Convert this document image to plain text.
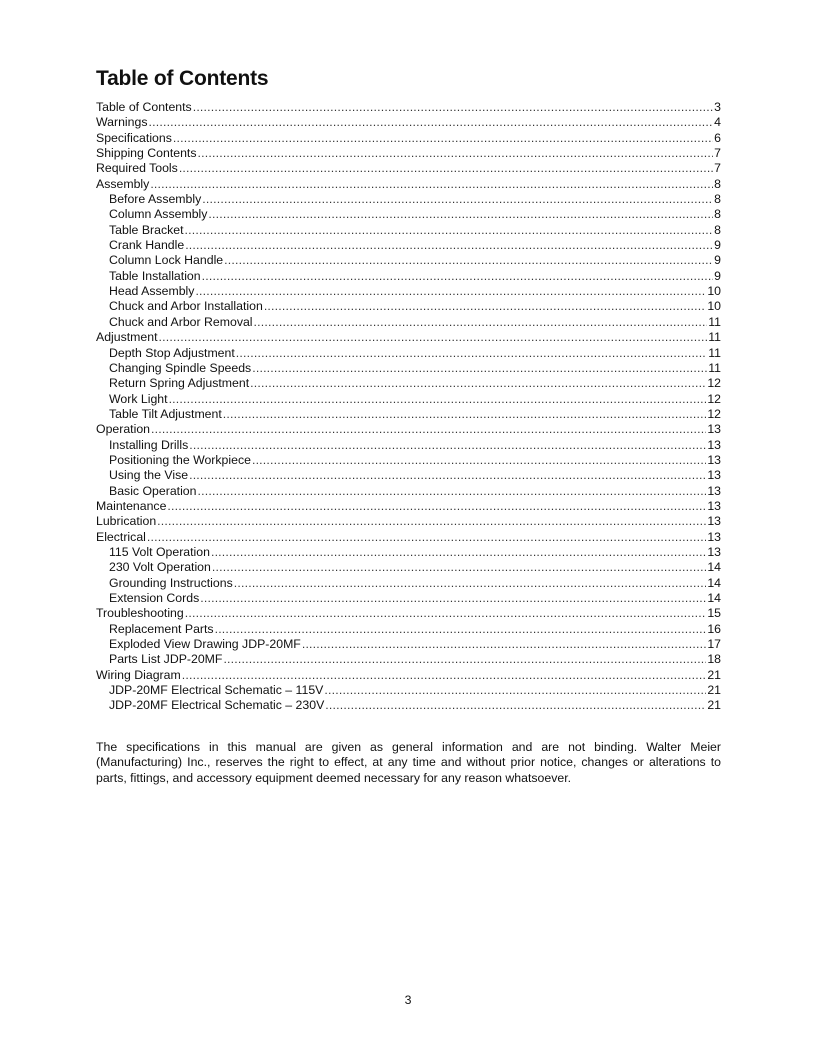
Table of Contents
Table of Contents .....	3
Warnings .....	4
Specifications .....	6
Shipping Contents .....	7
Required Tools .....	7
Assembly .....	8
Before Assembly .....	8
Column Assembly .....	8
Table Bracket .....	8
Crank Handle .....	9
Column Lock Handle .....	9
Table Installation .....	9
Head Assembly .....	10
Chuck and Arbor Installation .....	10
Chuck and Arbor Removal .....	11
Adjustment .....	11
Depth Stop Adjustment .....	11
Changing Spindle Speeds .....	11
Return Spring Adjustment .....	12
Work Light .....	12
Table Tilt Adjustment .....	12
Operation .....	13
Installing Drills .....	13
Positioning the Workpiece .....	13
Using the Vise .....	13
Basic Operation .....	13
Maintenance .....	13
Lubrication .....	13
Electrical .....	13
115 Volt Operation .....	13
230 Volt Operation .....	14
Grounding Instructions .....	14
Extension Cords .....	14
Troubleshooting .....	15
Replacement Parts .....	16
Exploded View Drawing JDP-20MF .....	17
Parts List JDP-20MF .....	18
Wiring Diagram .....	21
JDP-20MF Electrical Schematic – 115V .....	21
JDP-20MF Electrical Schematic – 230V .....	21

The specifications in this manual are given as general information and are not binding. Walter Meier (Manufacturing) Inc., reserves the right to effect, at any time and without prior notice, changes or alterations to parts, fittings, and accessory equipment deemed necessary for any reason whatsoever.

3
